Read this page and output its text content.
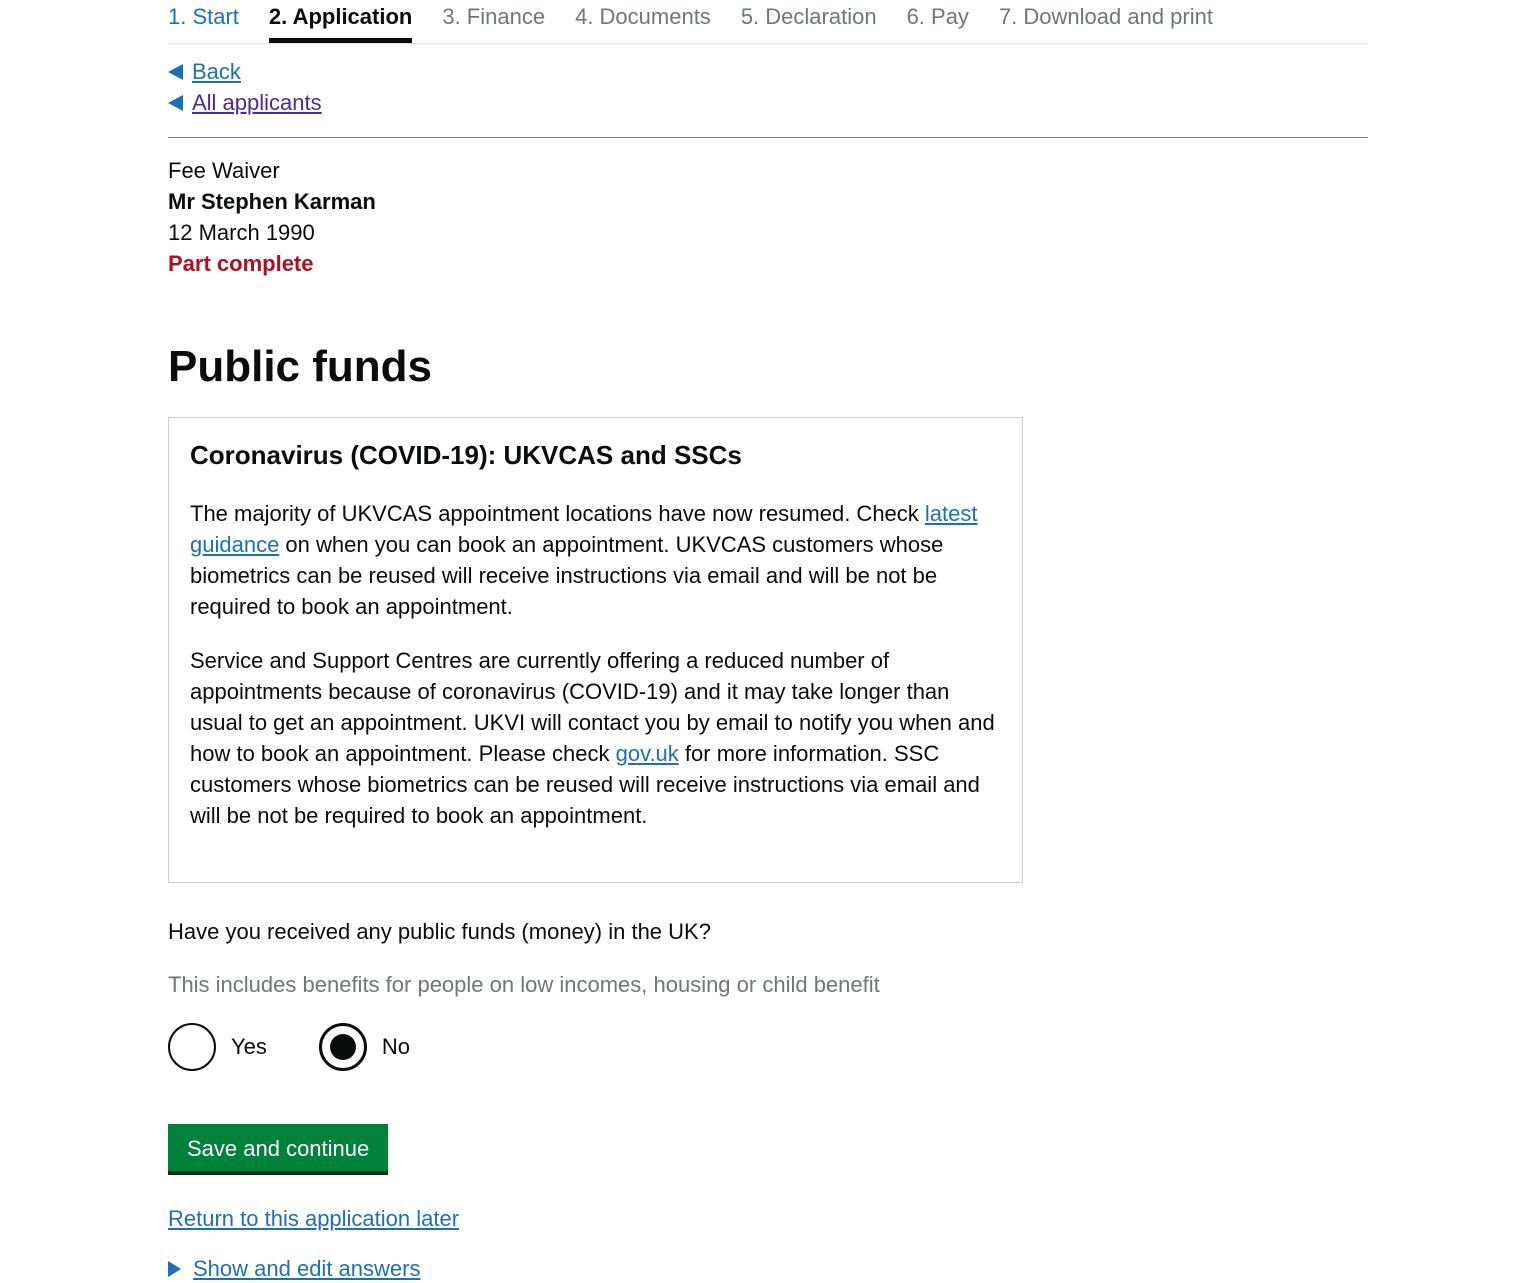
1. Start 2. Application 3. Finance 4. Documents 5. Declaration 6. Pay 7. Download and print
Back
All applicants
Fee Waiver
Mr Stephen Karman
12 March 1990
Part complete
Public funds
Coronavirus (COVID-19): UKVCAS and SSCs

The majority of UKVCAS appointment locations have now resumed. Check latest guidance on when you can book an appointment. UKVCAS customers whose biometrics can be reused will receive instructions via email and will be not be required to book an appointment.

Service and Support Centres are currently offering a reduced number of appointments because of coronavirus (COVID-19) and it may take longer than usual to get an appointment. UKVI will contact you by email to notify you when and how to book an appointment. Please check gov.uk for more information. SSC customers whose biometrics can be reused will receive instructions via email and will be not be required to book an appointment.

Have you received any public funds (money) in the UK?
This includes benefits for people on low incomes, housing or child benefit
Yes	No
Save and continue
Return to this application later
Show and edit answers
